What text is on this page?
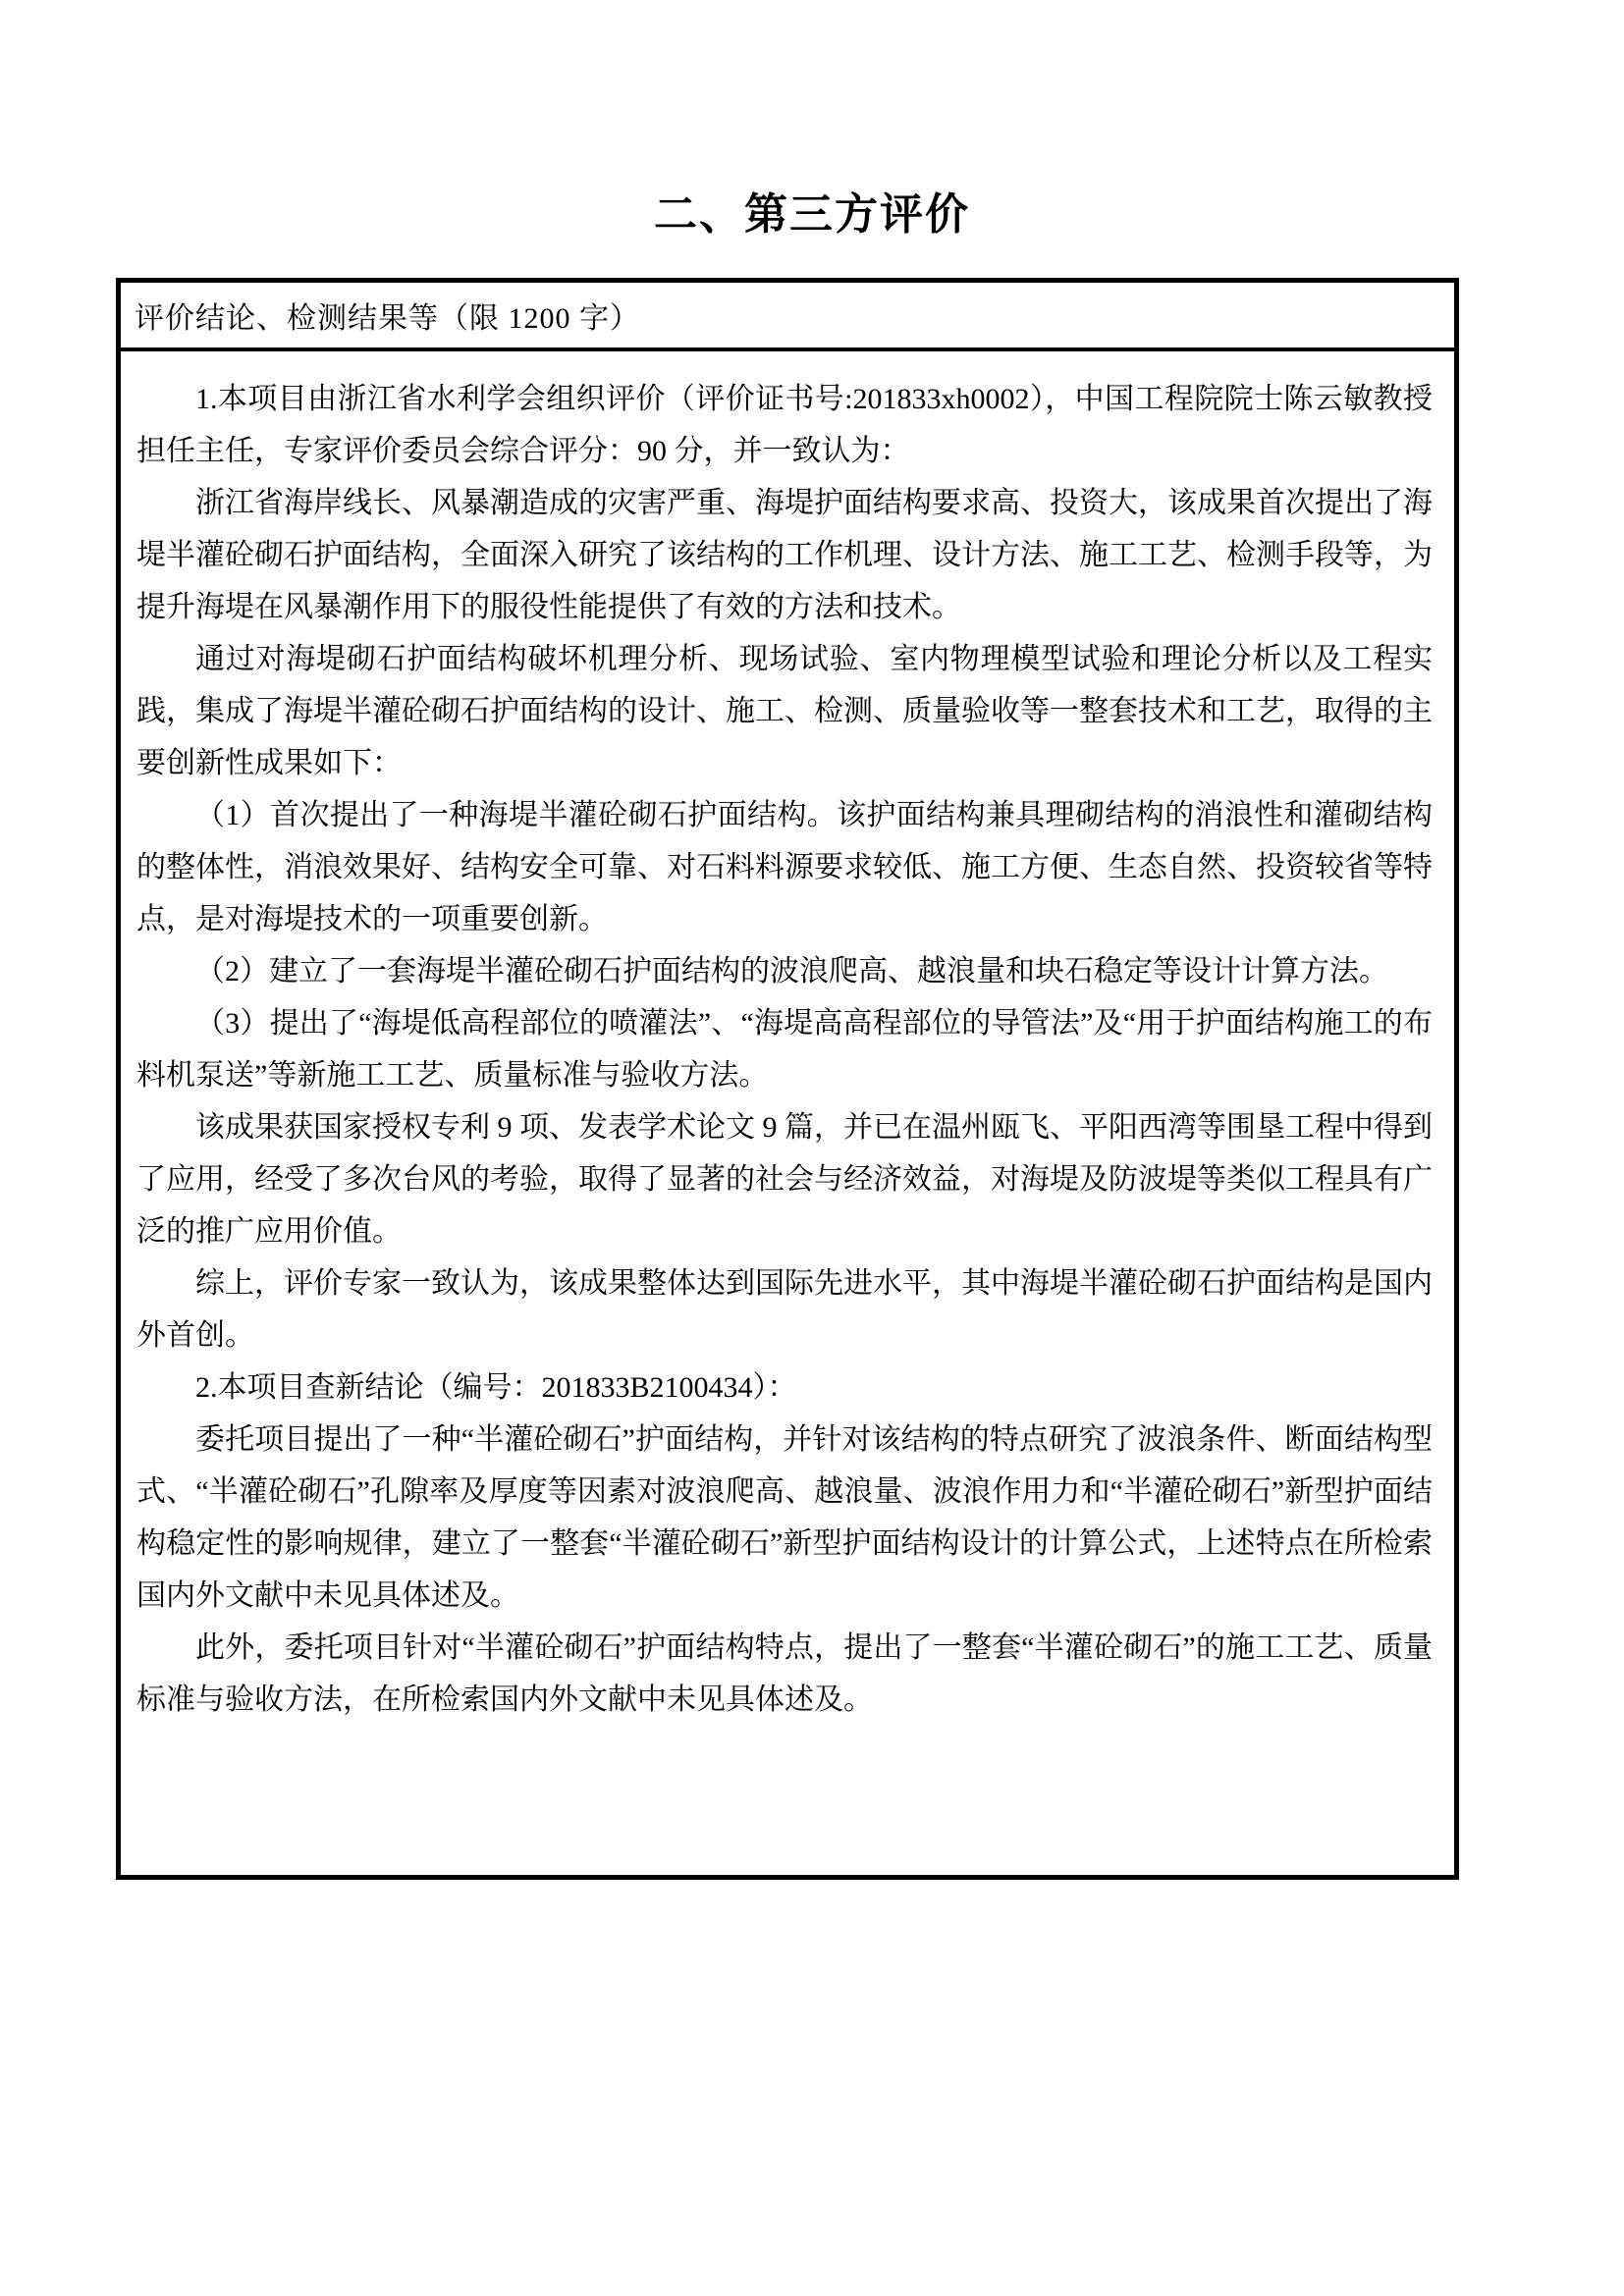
二、第三方评价
评价结论、检测结果等（限 1200 字）

1.本项目由浙江省水利学会组织评价（评价证书号:201833xh0002），中国工程院院士陈云敏教授担任主任，专家评价委员会综合评分：90 分，并一致认为：

浙江省海岸线长、风暴潮造成的灾害严重、海堤护面结构要求高、投资大，该成果首次提出了海堤半灌砼砌石护面结构，全面深入研究了该结构的工作机理、设计方法、施工工艺、检测手段等，为提升海堤在风暴潮作用下的服役性能提供了有效的方法和技术。

通过对海堤砌石护面结构破坏机理分析、现场试验、室内物理模型试验和理论分析以及工程实践，集成了海堤半灌砼砌石护面结构的设计、施工、检测、质量验收等一整套技术和工艺，取得的主要创新性成果如下：

（1）首次提出了一种海堤半灌砼砌石护面结构。该护面结构兼具理砌结构的消浪性和灌砌结构的整体性，消浪效果好、结构安全可靠、对石料料源要求较低、施工方便、生态自然、投资较省等特点，是对海堤技术的一项重要创新。

（2）建立了一套海堤半灌砼砌石护面结构的波浪爬高、越浪量和块石稳定等设计计算方法。

（3）提出了“海堤低高程部位的喷灌法”、“海堤高高程部位的导管法”及“用于护面结构施工的布料机泵送”等新施工工艺、质量标准与验收方法。

该成果获国家授权专利 9 项、发表学术论文 9 篇，并已在温州瓯飞、平阳西湾等围垦工程中得到了应用，经受了多次台风的考验，取得了显著的社会与经济效益，对海堤及防波堤等类似工程具有广泛的推广应用价值。

综上，评价专家一致认为，该成果整体达到国际先进水平，其中海堤半灌砼砌石护面结构是国内外首创。

2.本项目查新结论（编号：201833B2100434）：

委托项目提出了一种“半灌砼砌石”护面结构，并针对该结构的特点研究了波浪条件、断面结构型式、“半灌砼砌石”孔隙率及厚度等因素对波浪爬高、越浪量、波浪作用力和“半灌砼砌石”新型护面结构稳定性的影响规律，建立了一整套“半灌砼砌石”新型护面结构设计的计算公式，上述特点在所检索国内外文献中未见具体述及。

此外，委托项目针对“半灌砼砌石”护面结构特点，提出了一整套“半灌砼砌石”的施工工艺、质量标准与验收方法，在所检索国内外文献中未见具体述及。
